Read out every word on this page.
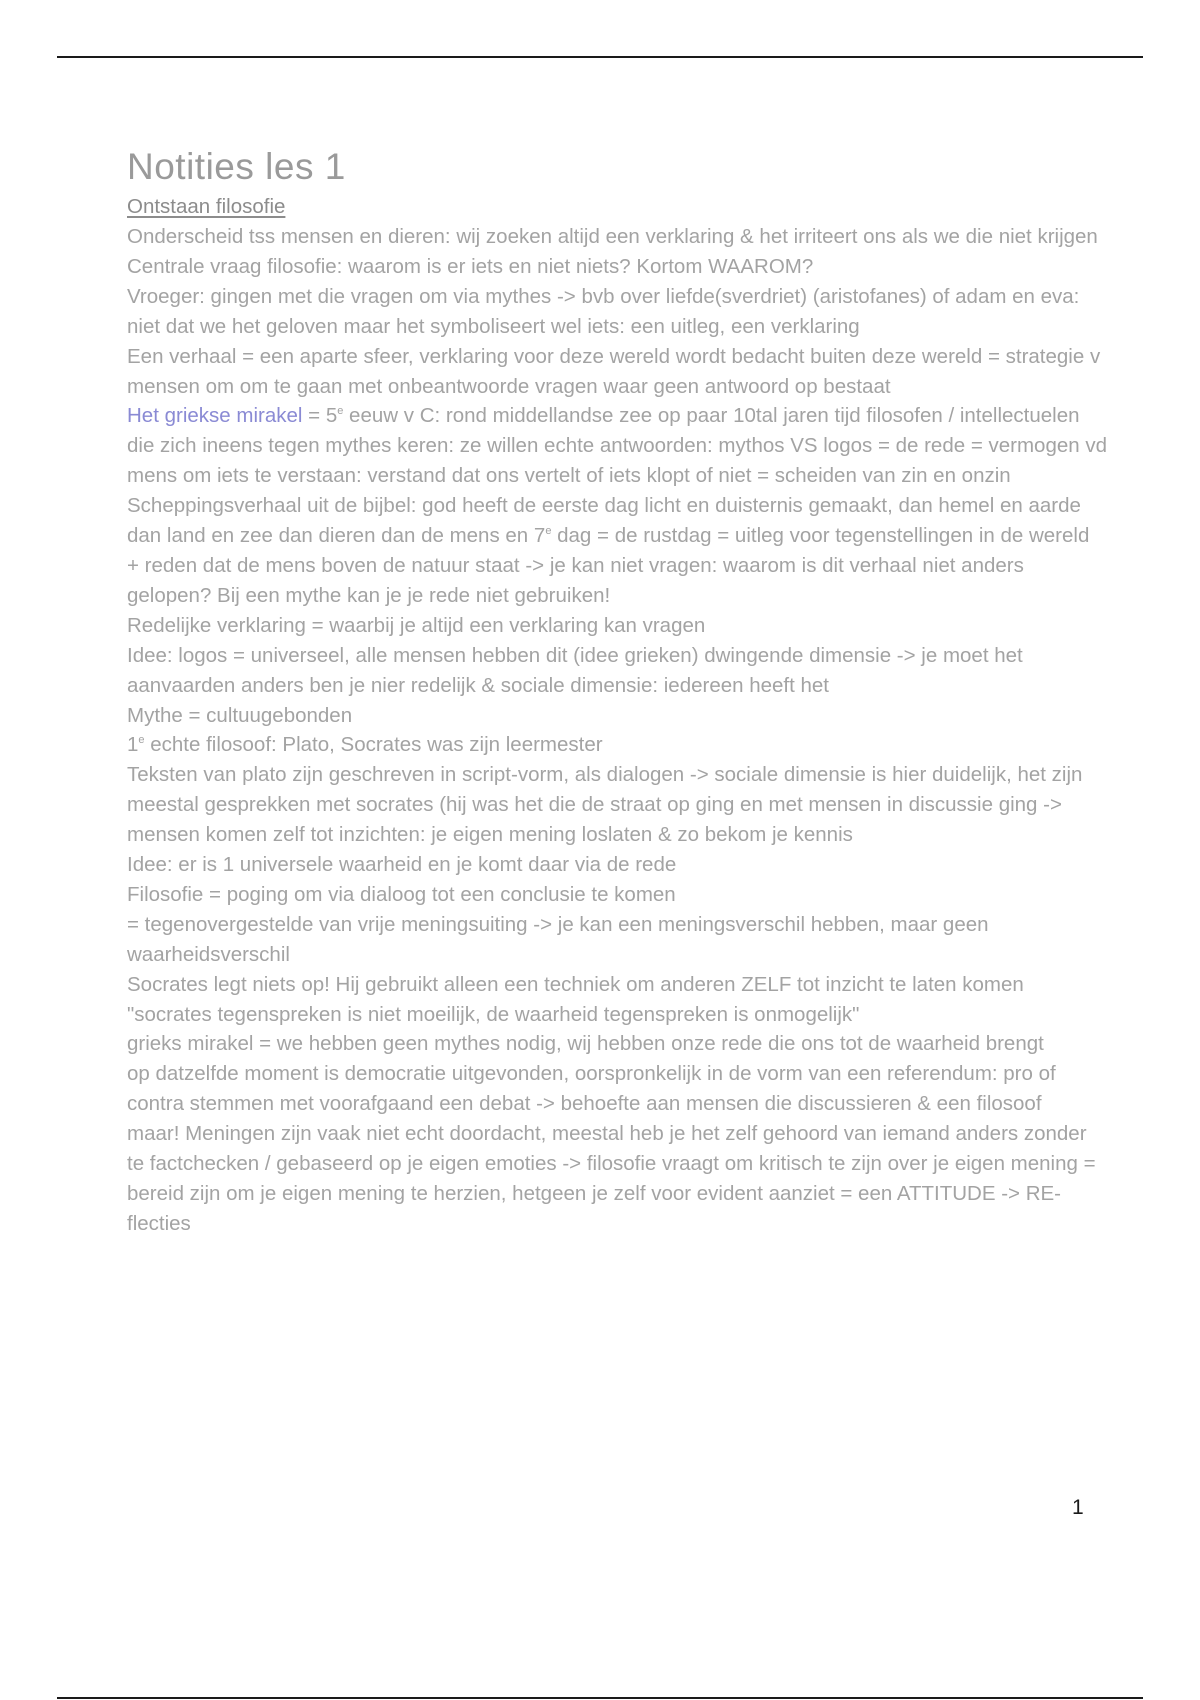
Notities les 1
Ontstaan filosofie

Onderscheid tss mensen en dieren: wij zoeken altijd een verklaring & het irriteert ons als we die niet krijgen

Centrale vraag filosofie: waarom is er iets en niet niets? Kortom WAAROM?

Vroeger: gingen met die vragen om via mythes -> bvb over liefde(sverdriet) (aristofanes) of adam en eva: niet dat we het geloven maar het symboliseert wel iets: een uitleg, een verklaring

Een verhaal = een aparte sfeer, verklaring voor deze wereld wordt bedacht buiten deze wereld = strategie v mensen om om te gaan met onbeantwoorde vragen waar geen antwoord op bestaat

Het griekse mirakel = $5^e$ eeuw v C: rond middellandse zee op paar 10tal jaren tijd filosofen / intellectuelen die zich ineens tegen mythes keren: ze willen echte antwoorden: mythos VS logos = de rede = vermogen vd mens om iets te verstaan: verstand dat ons vertelt of iets klopt of niet = scheiden van zin en onzin

Scheppingsverhaal uit de bijbel: god heeft de eerste dag licht en duisternis gemaakt, dan hemel en aarde dan land en zee dan dieren dan de mens en 7e dag = de rustdag = uitleg voor tegenstellingen in de wereld + reden dat de mens boven de natuur staat -> je kan niet vragen: waarom is dit verhaal niet anders gelopen? Bij een mythe kan je je rede niet gebruiken!

Redelijke verklaring = waarbij je altijd een verklaring kan vragen

Idee: logos = universeel, alle mensen hebben dit (idee grieken) dwingende dimensie -> je moet het aanvaarden anders ben je nier redelijk & sociale dimensie: iedereen heeft het

Mythe = cultuugebonden

1e echte filosoof: Plato, Socrates was zijn leermester

Teksten van plato zijn geschreven in script-vorm, als dialogen -> sociale dimensie is hier duidelijk, het zijn meestal gesprekken met socrates (hij was het die de straat op ging en met mensen in discussie ging -> mensen komen zelf tot inzichten: je eigen mening loslaten & zo bekom je kennis

Idee: er is 1 universele waarheid en je komt daar via de rede

Filosofie = poging om via dialoog tot een conclusie te komen

= tegenovergestelde van vrije meningsuiting -> je kan een meningsverschil hebben, maar geen waarheidsverschil

Socrates legt niets op! Hij gebruikt alleen een techniek om anderen ZELF tot inzicht te laten komen

"socrates tegenspreken is niet moeilijk, de waarheid tegenspreken is onmogelijk"

grieks mirakel = we hebben geen mythes nodig, wij hebben onze rede die ons tot de waarheid brengt

op datzelfde moment is democratie uitgevonden, oorspronkelijk in de vorm van een referendum: pro of contra stemmen met voorafgaand een debat -> behoefte aan mensen die discussieren & een filosoof

maar! Meningen zijn vaak niet echt doordacht, meestal heb je het zelf gehoord van iemand anders zonder te factchecken / gebaseerd op je eigen emoties -> filosofie vraagt om kritisch te zijn over je eigen mening = bereid zijn om je eigen mening te herzien, hetgeen je zelf voor evident aanziet = een ATTITUDE -> RE-flecties

1
